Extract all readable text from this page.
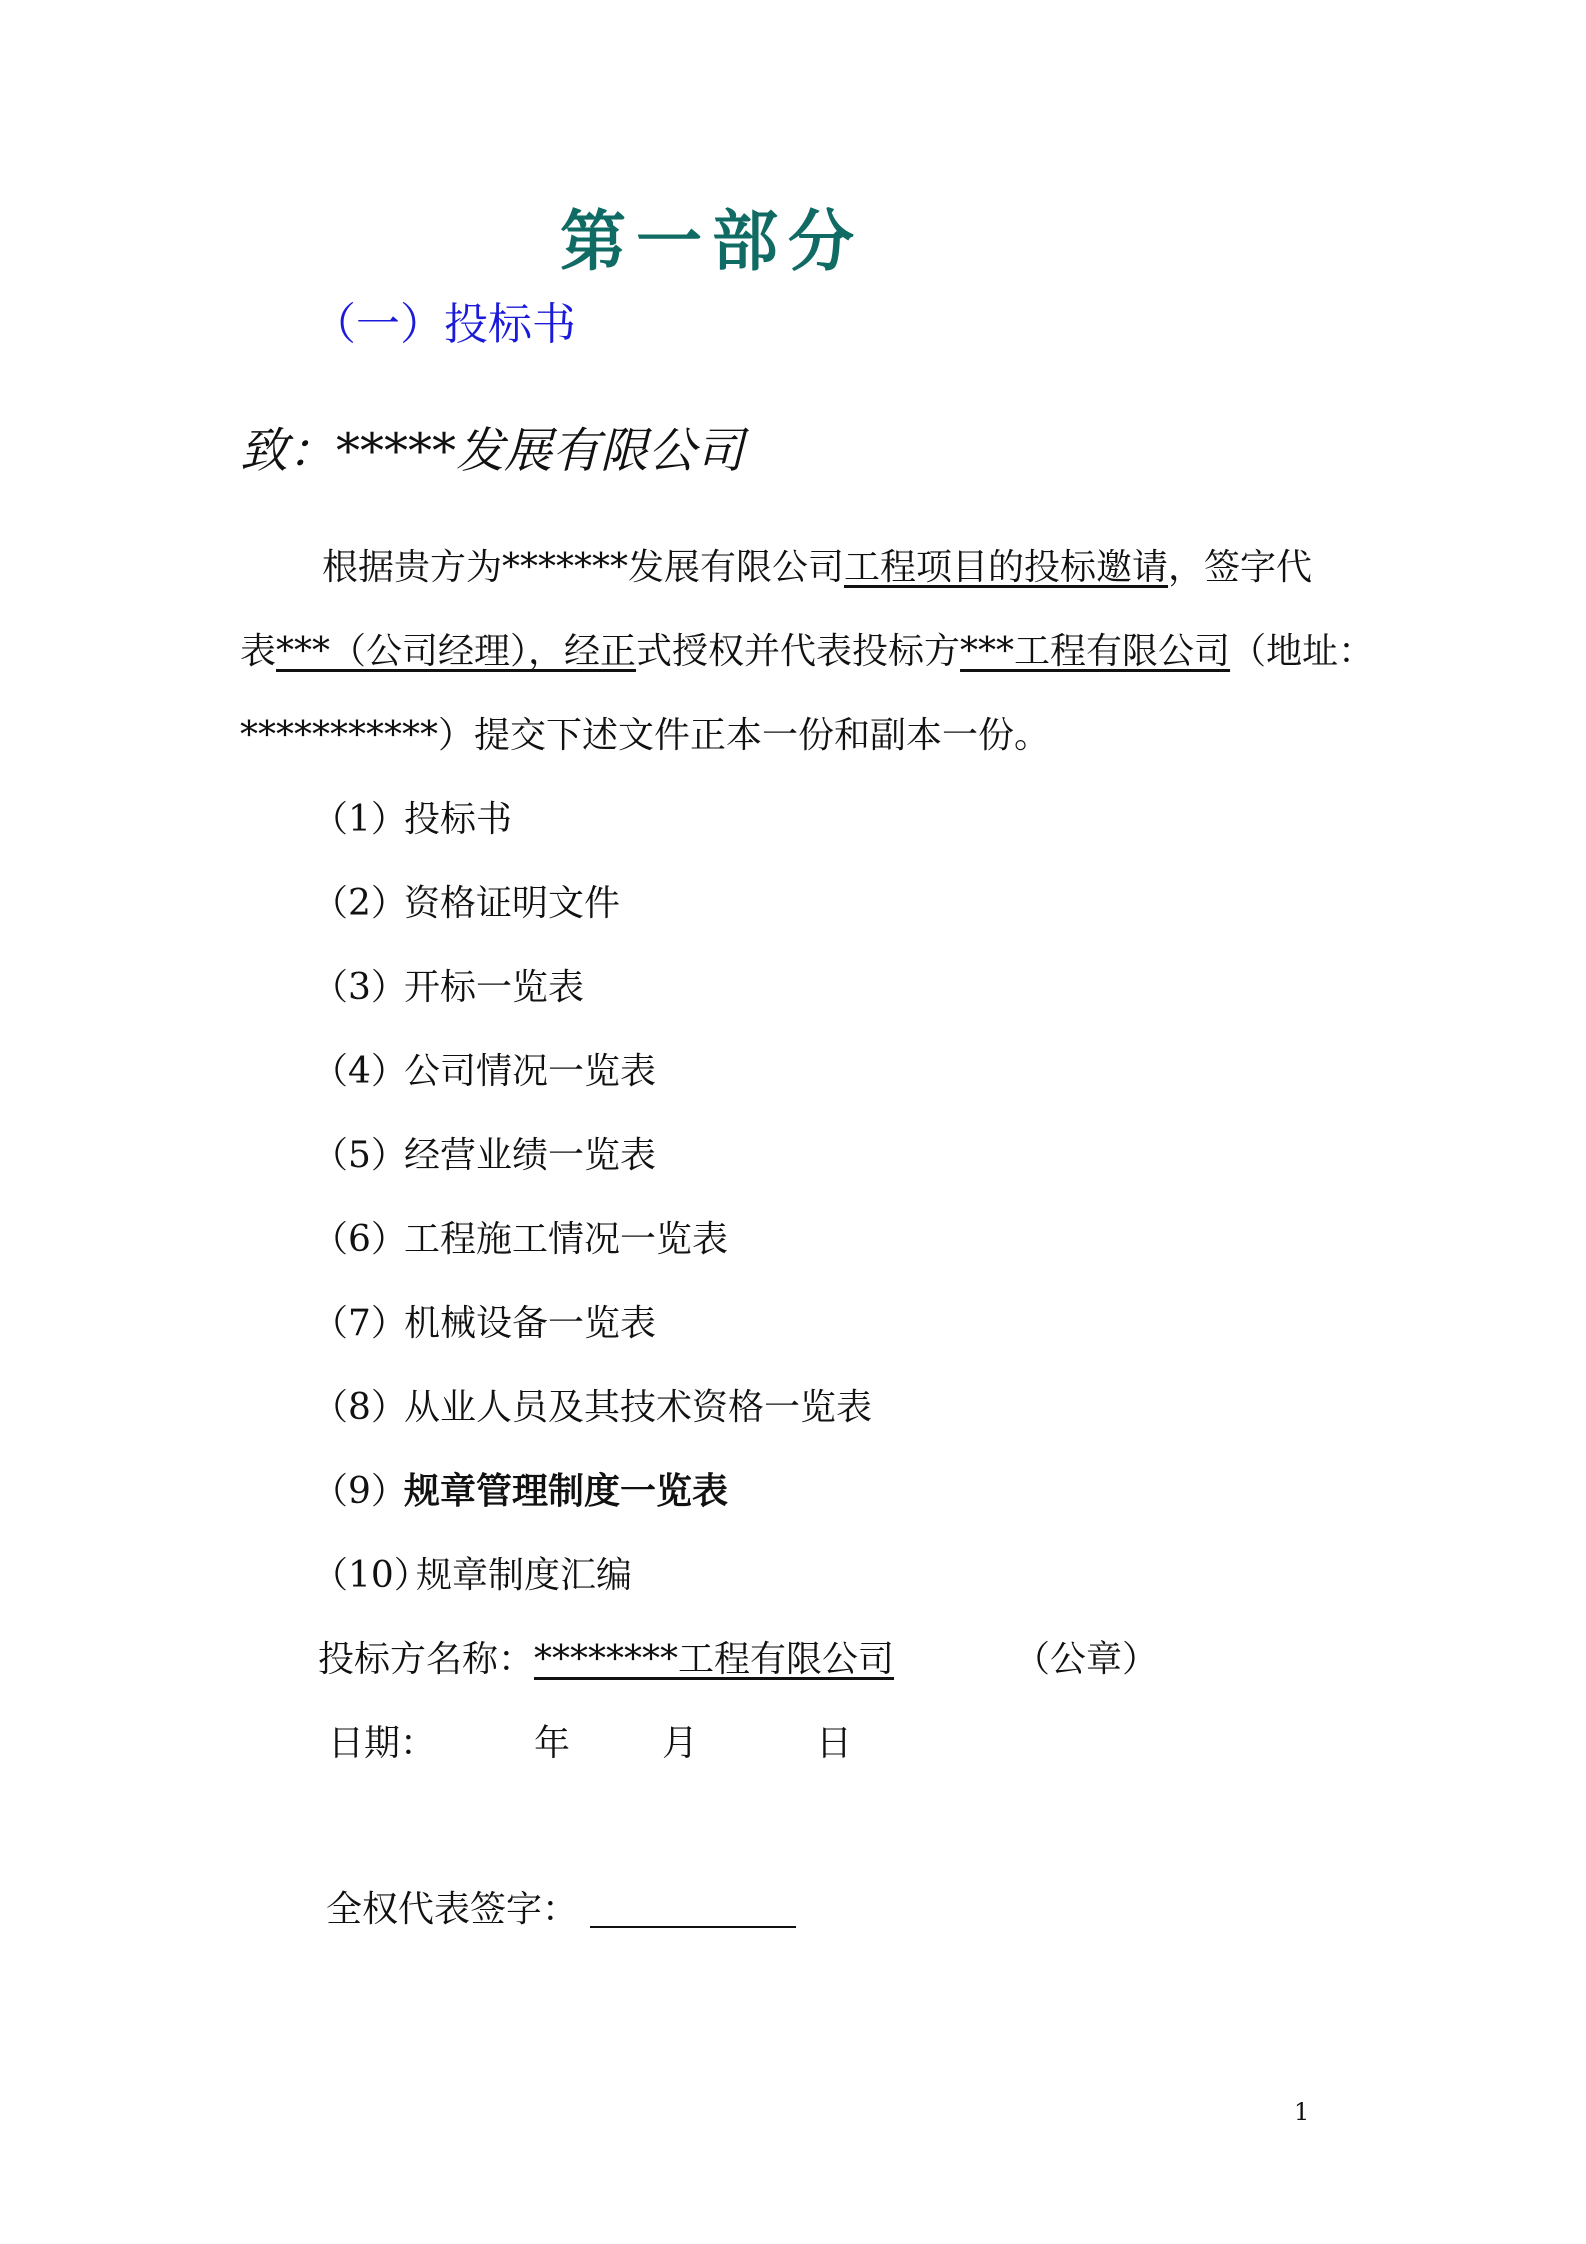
第一部分
（一）投标书
致：*****发展有限公司
根据贵方为*******发展有限公司工程项目的投标邀请，签字代
表***（公司经理），经正式授权并代表投标方***工程有限公司（地址：
***********）提交下述文件正本一份和副本一份。
（1）投标书
（2）资格证明文件
（3）开标一览表
（4）公司情况一览表
（5）经营业绩一览表
（6）工程施工情况一览表
（7）机械设备一览表
（8）从业人员及其技术资格一览表
（9）规章管理制度一览表
（10）规章制度汇编
投标方名称：********工程有限公司	（公章）
日期：	年	月	日
全权代表签字：
1
